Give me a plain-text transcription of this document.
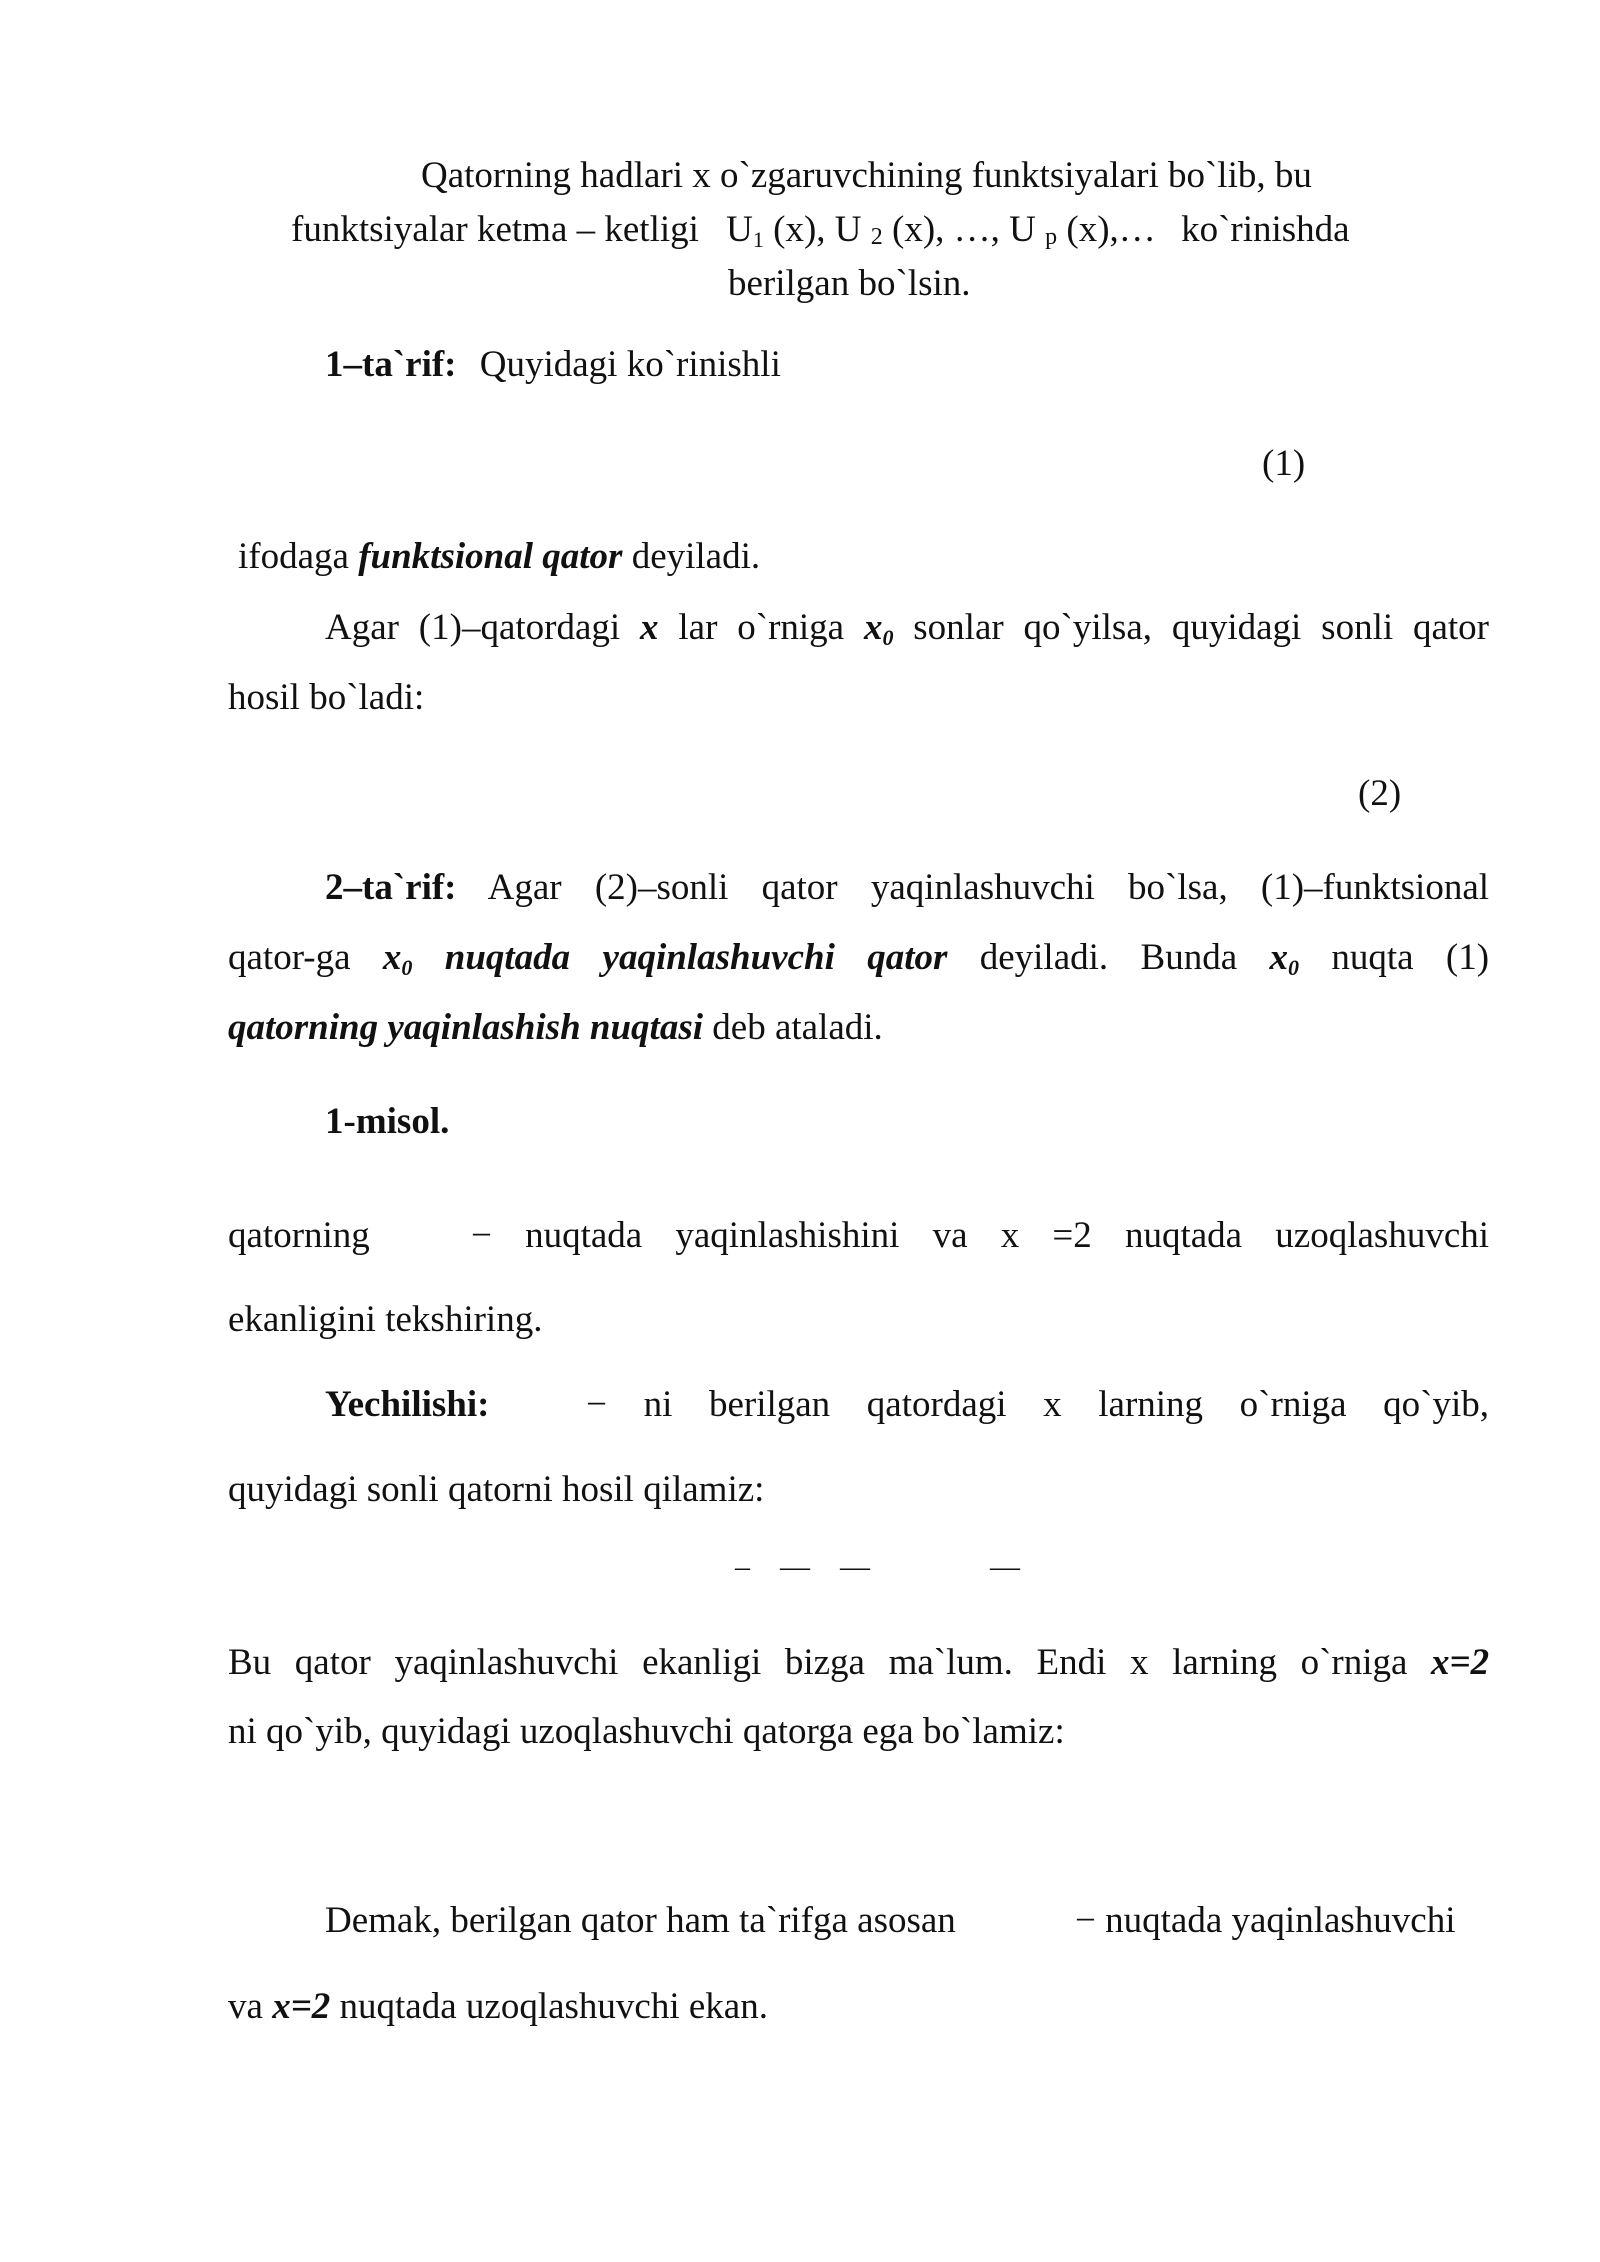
Qatorning hadlari x o`zgaruvchining funktsiyalari bo`lib, bu
funktsiyalar ketma – ketligi $U_1$ (x), U 2 (x), …, U p (x),… ko`rinishda
berilgan bo`lsin.
1–ta`rif: Quyidagi ko`rinishli
(1)
ifodaga funktsional qator deyiladi.
Agar (1)–qatordagi x lar o`rniga $x_0$ sonlar qo`yilsa, quyidagi sonli qator
hosil bo`ladi:
(2)
2–ta`rif: Agar (2)–sonli qator yaqinlashuvchi bo`lsa, (1)–funktsional
qator-ga $x_0$ nuqtada yaqinlashuvchi qator deyiladi. Bunda $x_0$ nuqta (1)
qatorning yaqinlashish nuqtasi deb ataladi.
1-misol.
qatorning	− nuqtada yaqinlashishini va x =2 nuqtada uzoqlashuvchi
ekanligini tekshiring.
Yechilishi:	− ni berilgan qatordagi x larning o`rniga qo`yib,
quyidagi sonli qatorni hosil qilamiz:
– — —	—
Bu qator yaqinlashuvchi ekanligi bizga ma`lum. Endi x larning o`rniga x=2
ni qo`yib, quyidagi uzoqlashuvchi qatorga ega bo`lamiz:
Demak, berilgan qator ham ta`rifga asosan	− nuqtada yaqinlashuvchi
va x=2 nuqtada uzoqlashuvchi ekan.
